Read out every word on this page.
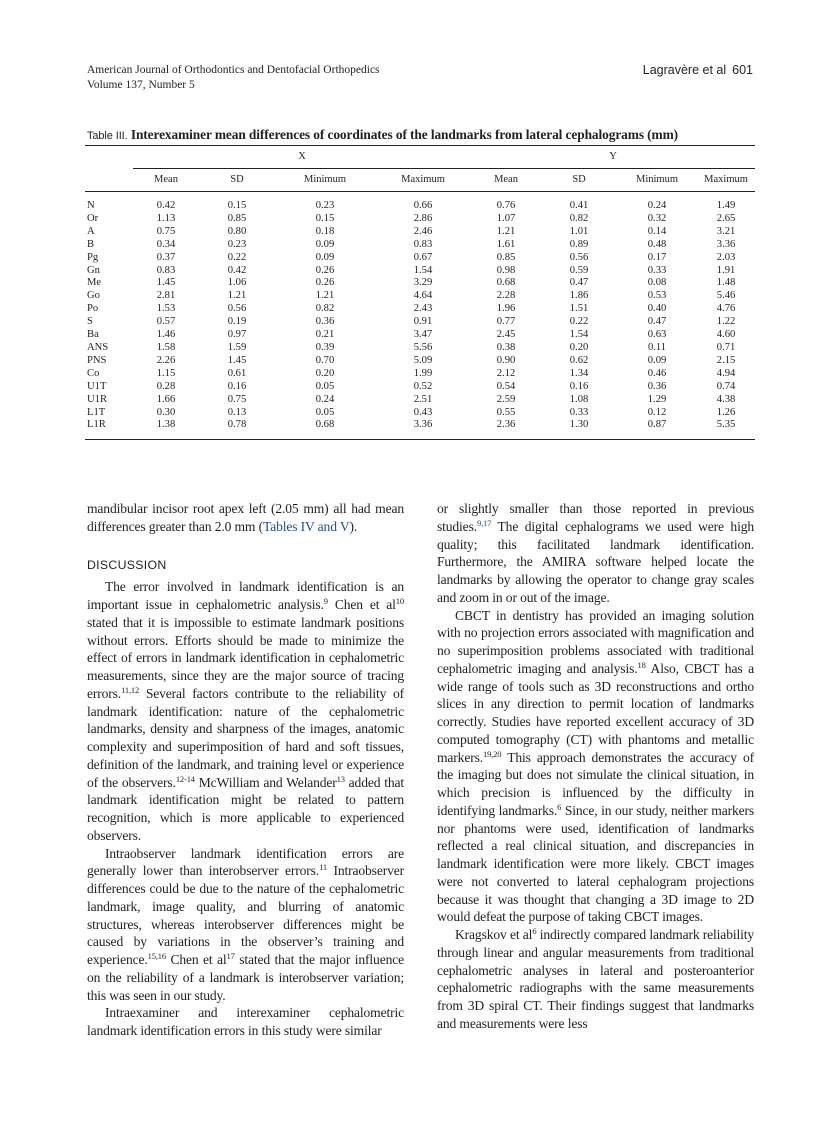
American Journal of Orthodontics and Dentofacial Orthopedics
Volume 137, Number 5
Lagravère et al 601
Table III. Interexaminer mean differences of coordinates of the landmarks from lateral cephalograms (mm)
	X				Y			
	Mean	SD	Minimum	Maximum	Mean	SD	Minimum	Maximum
N	0.42	0.15	0.23	0.66	0.76	0.41	0.24	1.49
Or	1.13	0.85	0.15	2.86	1.07	0.82	0.32	2.65
A	0.75	0.80	0.18	2.46	1.21	1.01	0.14	3.21
B	0.34	0.23	0.09	0.83	1.61	0.89	0.48	3.36
Pg	0.37	0.22	0.09	0.67	0.85	0.56	0.17	2.03
Gn	0.83	0.42	0.26	1.54	0.98	0.59	0.33	1.91
Me	1.45	1.06	0.26	3.29	0.68	0.47	0.08	1.48
Go	2.81	1.21	1.21	4.64	2.28	1.86	0.53	5.46
Po	1.53	0.56	0.82	2.43	1.96	1.51	0.40	4.76
S	0.57	0.19	0.36	0.91	0.77	0.22	0.47	1.22
Ba	1.46	0.97	0.21	3.47	2.45	1.54	0.63	4.60
ANS	1.58	1.59	0.39	5.56	0.38	0.20	0.11	0.71
PNS	2.26	1.45	0.70	5.09	0.90	0.62	0.09	2.15
Co	1.15	0.61	0.20	1.99	2.12	1.34	0.46	4.94
U1T	0.28	0.16	0.05	0.52	0.54	0.16	0.36	0.74
U1R	1.66	0.75	0.24	2.51	2.59	1.08	1.29	4.38
L1T	0.30	0.13	0.05	0.43	0.55	0.33	0.12	1.26
L1R	1.38	0.78	0.68	3.36	2.36	1.30	0.87	5.35

mandibular incisor root apex left (2.05 mm) all had mean differences greater than 2.0 mm (Tables IV and V).

DISCUSSION

The error involved in landmark identification is an important issue in cephalometric analysis.$^9$ Chen et $al^{10}$ stated that it is impossible to estimate landmark positions without errors. Efforts should be made to minimize the effect of errors in landmark identification in cephalometric measurements, since they are the major source of tracing errors.$^{11,12}$ Several factors contribute to the reliability of landmark identification: nature of the cephalometric landmarks, density and sharpness of the images, anatomic complexity and superimposition of hard and soft tissues, definition of the landmark, and training level or experience of the observers.$^{12-14}$ McWilliam and Welander$^{13}$ added that landmark identification might be related to pattern recognition, which is more applicable to experienced observers.

Intraobserver landmark identification errors are generally lower than interobserver errors.$^{11}$ Intraobserver differences could be due to the nature of the cephalometric landmark, image quality, and blurring of anatomic structures, whereas interobserver differences might be caused by variations in the observer’s training and experience.$^{15,16}$ Chen et $al^{17}$ stated that the major influence on the reliability of a landmark is interobserver variation; this was seen in our study.

Intraexaminer and interexaminer cephalometric landmark identification errors in this study were similar

or slightly smaller than those reported in previous studies.$^{9,17}$ The digital cephalograms we used were high quality; this facilitated landmark identification. Furthermore, the AMIRA software helped locate the landmarks by allowing the operator to change gray scales and zoom in or out of the image.

CBCT in dentistry has provided an imaging solution with no projection errors associated with magnification and no superimposition problems associated with traditional cephalometric imaging and analysis.$^{18}$ Also, CBCT has a wide range of tools such as 3D reconstructions and ortho slices in any direction to permit location of landmarks correctly. Studies have reported excellent accuracy of 3D computed tomography (CT) with phantoms and metallic markers.$^{19,20}$ This approach demonstrates the accuracy of the imaging but does not simulate the clinical situation, in which precision is influenced by the difficulty in identifying landmarks.$^6$ Since, in our study, neither markers nor phantoms were used, identification of landmarks reflected a real clinical situation, and discrepancies in landmark identification were more likely. CBCT images were not converted to lateral cephalogram projections because it was thought that changing a 3D image to 2D would defeat the purpose of taking CBCT images.

Kragskov et $al^6$ indirectly compared landmark reliability through linear and angular measurements from traditional cephalometric analyses in lateral and posteroanterior cephalometric radiographs with the same measurements from 3D spiral CT. Their findings suggest that landmarks and measurements were less
